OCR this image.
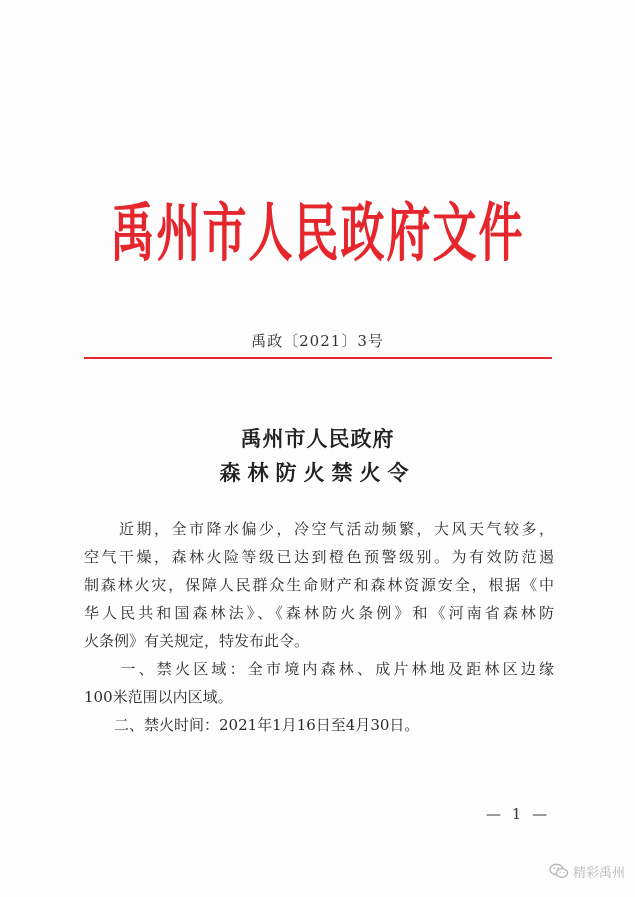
禹州市人民政府文件
禹政〔2021〕3号
禹州市人民政府
森林防火禁火令
　　近期，全市降水偏少，冷空气活动频繁，大风天气较多，
空气干燥，森林火险等级已达到橙色预警级别。为有效防范遏
制森林火灾，保障人民群众生命财产和森林资源安全，根据《中
华人民共和国森林法》、《森林防火条例》和《河南省森林防
火条例》有关规定，特发布此令。
　　一、禁火区域：全市境内森林、成片林地及距林区边缘
100米范围以内区域。
　　二、禁火时间：2021年1月16日至4月30日。
— 1 —
精彩禹州
